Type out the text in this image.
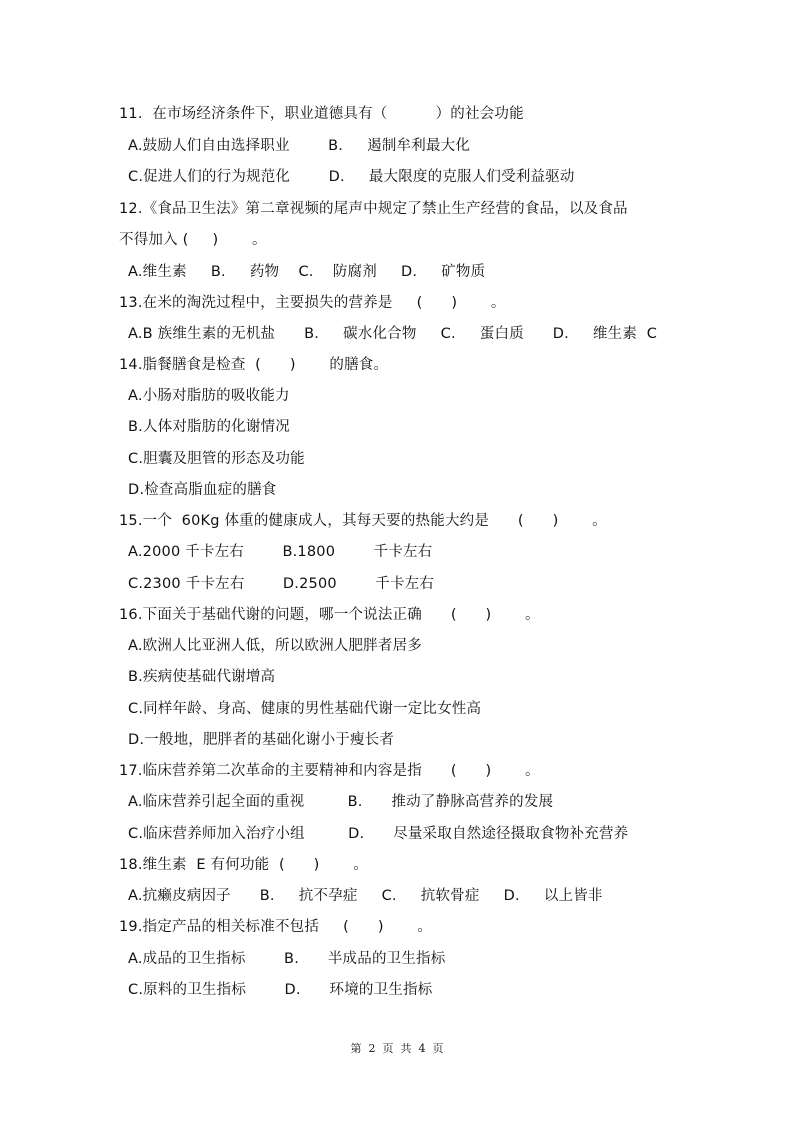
11.  在市场经济条件下，职业道德具有（          ）的社会功能
A.鼓励人们自由选择职业        B.     遏制牟利最大化
C.促进人们的行为规范化        D.     最大限度的克服人们受利益驱动
12.《食品卫生法》第二章视频的尾声中规定了禁止生产经营的食品，以及食品
不得加入 (     )       。
A.维生素     B.     药物    C.    防腐剂     D.     矿物质
13.在米的淘洗过程中，主要损失的营养是     (      )       。
A.B 族维生素的无机盐      B.     碳水化合物     C.     蛋白质      D.     维生素  C
14.脂餐膳食是检查  (      )       的膳食。
A.小肠对脂肪的吸收能力
B.人体对脂肪的化谢情况
C.胆囊及胆管的形态及功能
D.检查高脂血症的膳食
15.一个  60Kg 体重的健康成人，其每天要的热能大约是      (      )       。
A.2000 千卡左右        B.1800        千卡左右
C.2300 千卡左右        D.2500        千卡左右
16.下面关于基础代谢的问题，哪一个说法正确      (      )       。
A.欧洲人比亚洲人低，所以欧洲人肥胖者居多
B.疾病使基础代谢增高
C.同样年龄、身高、健康的男性基础代谢一定比女性高
D.一般地，肥胖者的基础化谢小于瘦长者
17.临床营养第二次革命的主要精神和内容是指      (      )       。
A.临床营养引起全面的重视         B.      推动了静脉高营养的发展
C.临床营养师加入治疗小组         D.      尽量采取自然途径摄取食物补充营养
18.维生素  E 有何功能  (      )       。
A.抗癞皮病因子      B.     抗不孕症     C.     抗软骨症     D.     以上皆非
19.指定产品的相关标准不包括     (      )       。
A.成品的卫生指标        B.      半成品的卫生指标
C.原料的卫生指标        D.      环境的卫生指标
第  2  页  共  4  页
